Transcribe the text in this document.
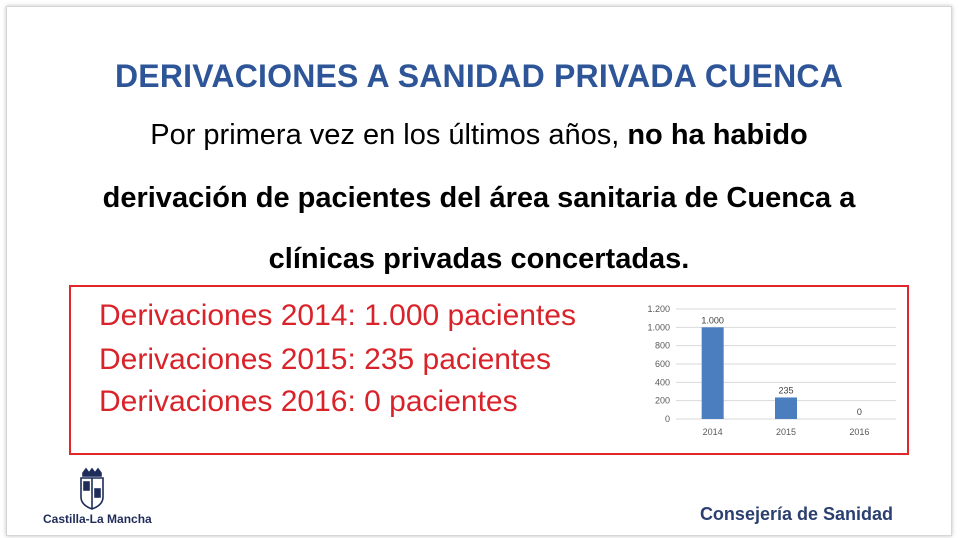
DERIVACIONES A SANIDAD PRIVADA CUENCA
Por primera vez en los últimos años, no ha habido
derivación de pacientes del área sanitaria de Cuenca a
clínicas privadas concertadas.
Derivaciones 2014: 1.000 pacientes
Derivaciones 2015: 235 pacientes
Derivaciones 2016: 0 pacientes
0
200
400
600
800
1.000
1.200
1.000
2014
235
2015
0
2016
Castilla-La Mancha	Consejería de Sanidad
